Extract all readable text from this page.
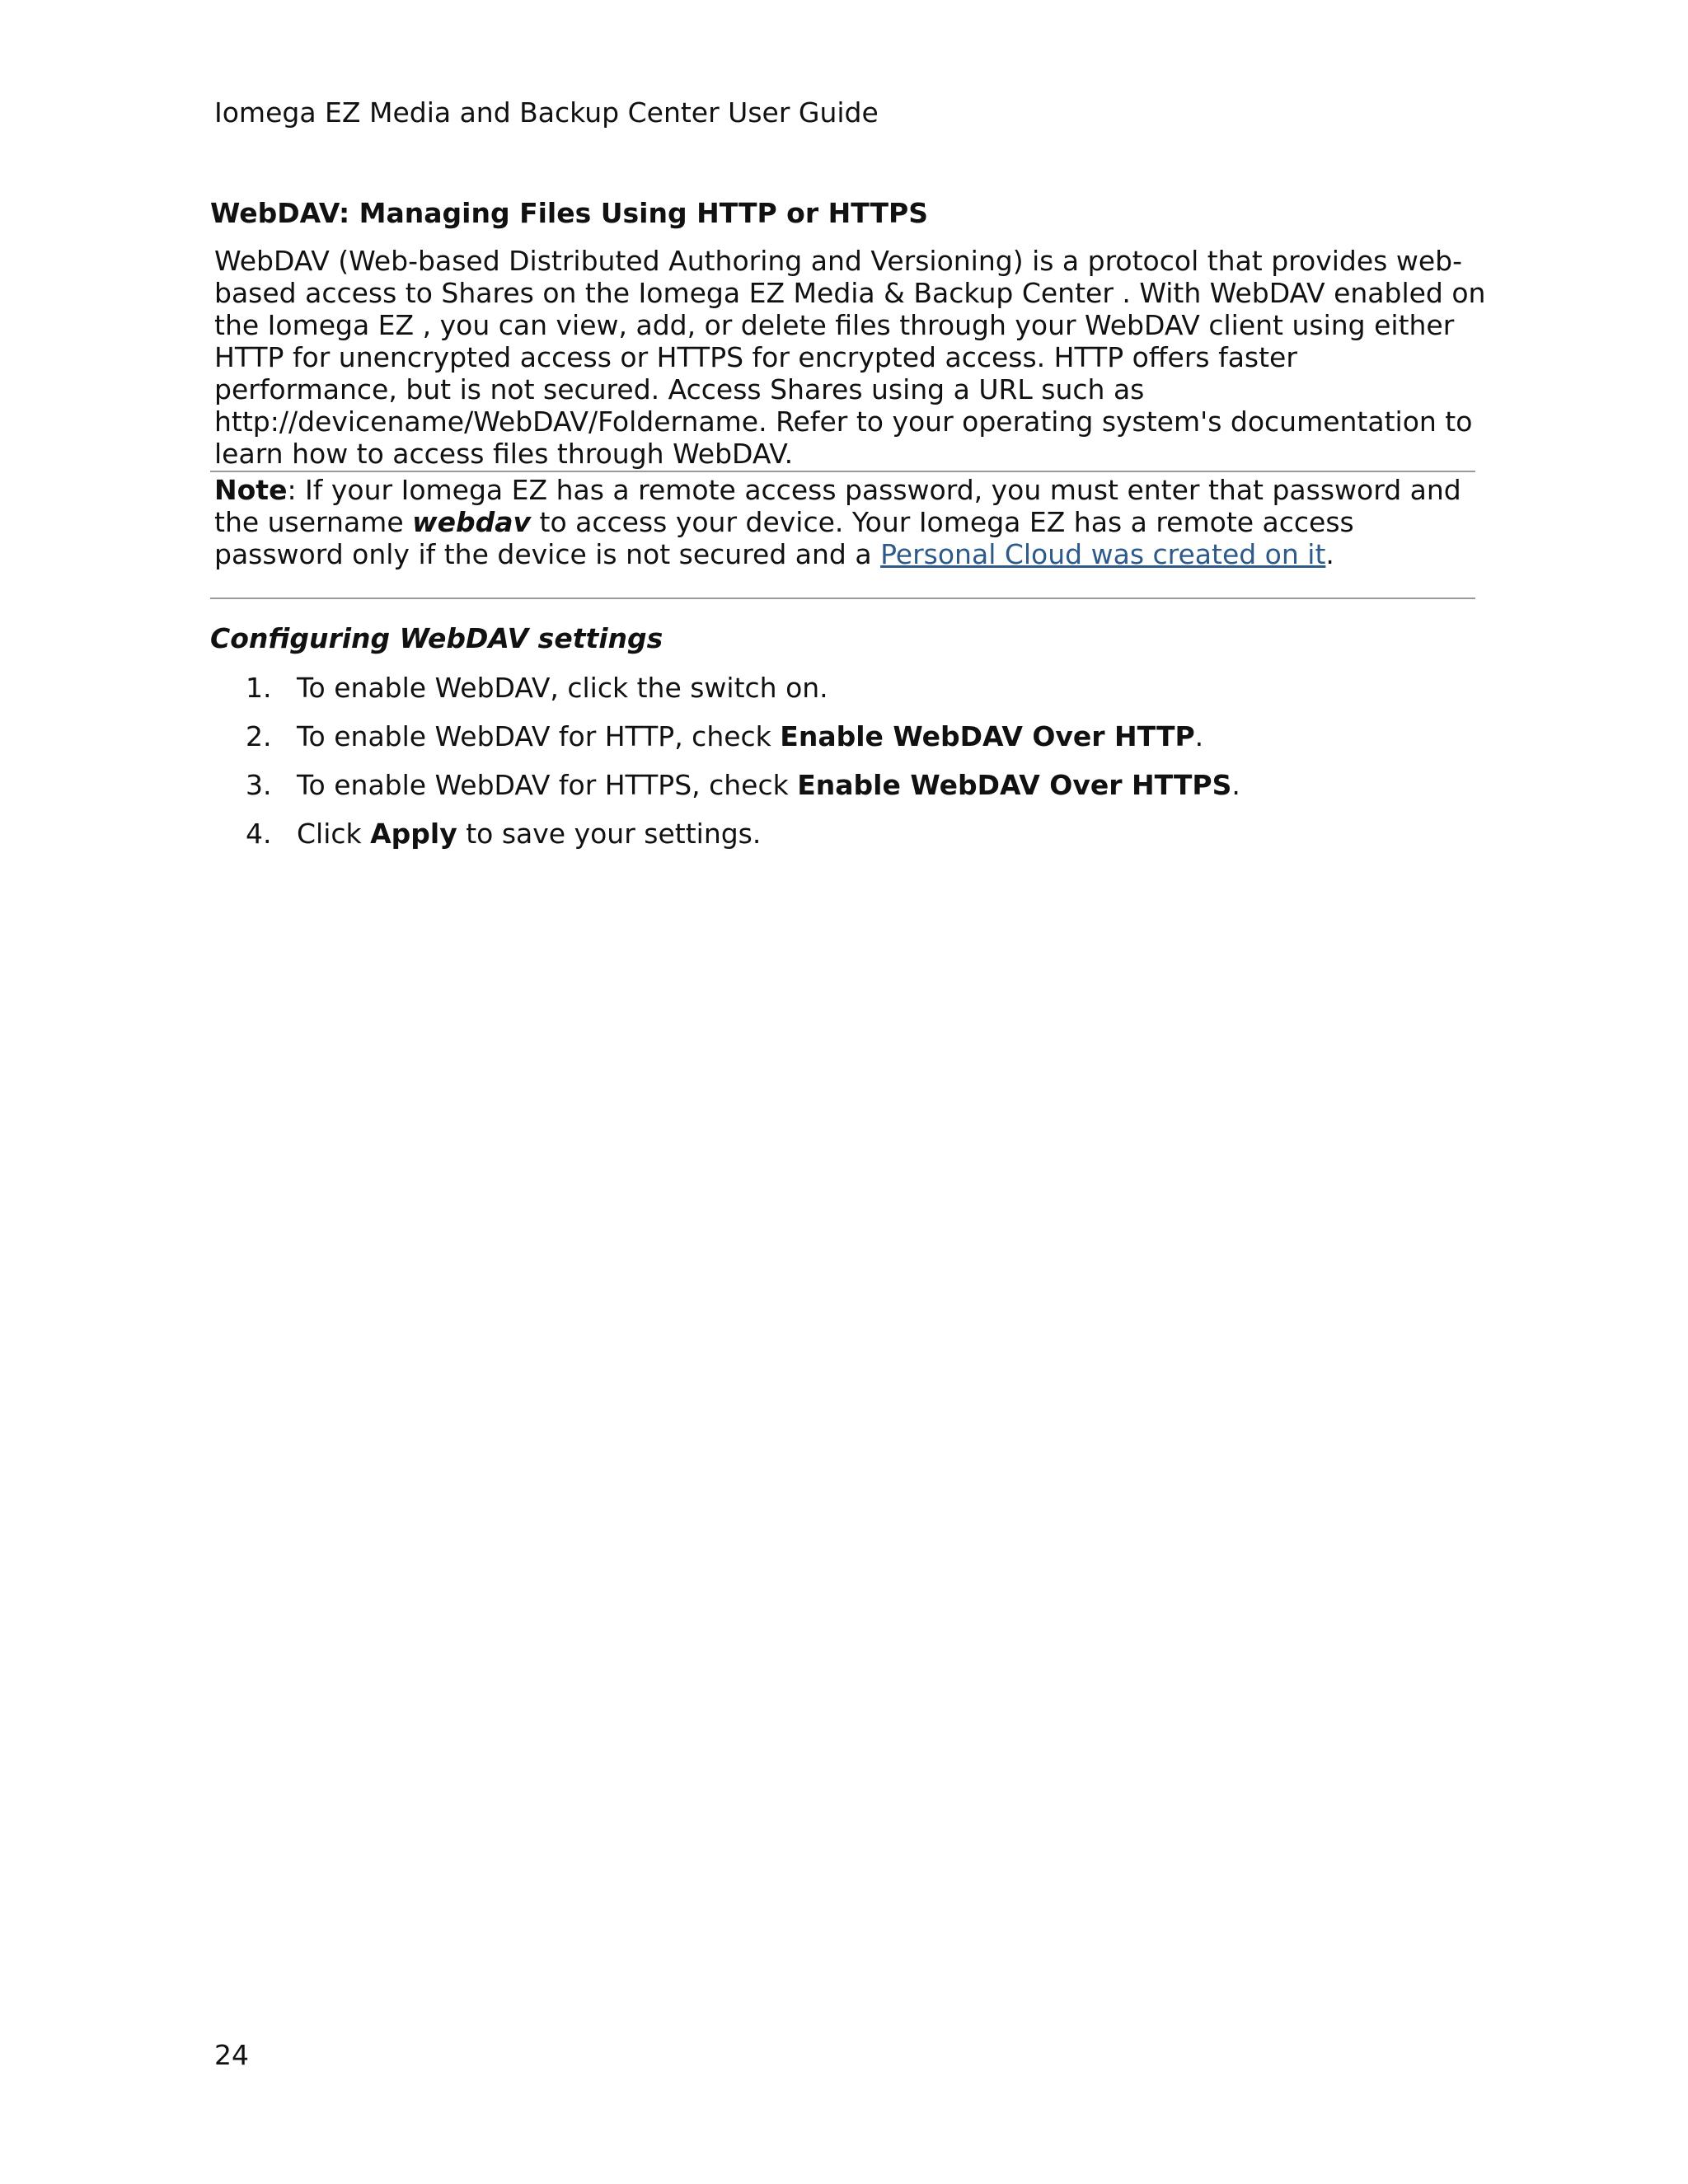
Iomega EZ Media and Backup Center User Guide
WebDAV: Managing Files Using HTTP or HTTPS

WebDAV (Web-based Distributed Authoring and Versioning) is a protocol that provides web-based access to Shares on the Iomega EZ Media & Backup Center . With WebDAV enabled on the Iomega EZ , you can view, add, or delete files through your WebDAV client using either HTTP for unencrypted access or HTTPS for encrypted access. HTTP offers faster performance, but is not secured. Access Shares using a URL such as http://devicename/WebDAV/Foldername. Refer to your operating system's documentation to learn how to access files through WebDAV.

Note: If your Iomega EZ has a remote access password, you must enter that password and the username webdav to access your device. Your Iomega EZ has a remote access password only if the device is not secured and a Personal Cloud was created on it.

Configuring WebDAV settings
1. To enable WebDAV, click the switch on.
2. To enable WebDAV for HTTP, check Enable WebDAV Over HTTP.
3. To enable WebDAV for HTTPS, check Enable WebDAV Over HTTPS.
4. Click Apply to save your settings.
24
